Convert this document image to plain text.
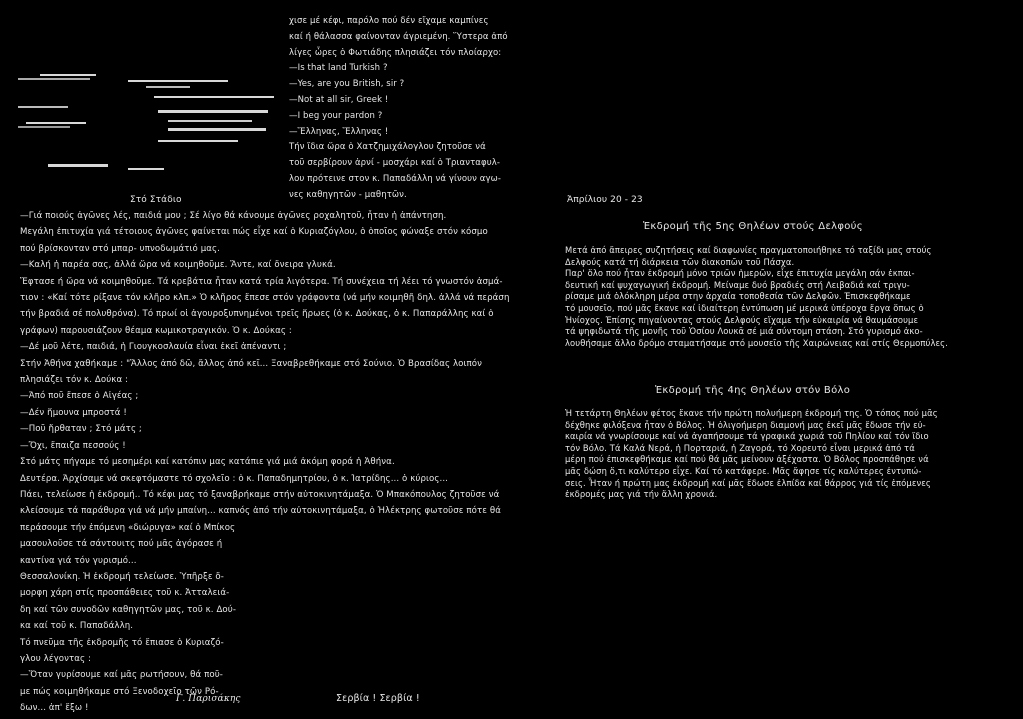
Στό Στάδιο

χισε μέ κέφι, παρόλο πού δέν εἴχαμε καμπίνες

καί ή θάλασσα φαίνονταν άγριεμένη. Ὕστερα ἀπό

λίγες ὧρες ὁ Φωτιάδης πλησιάζει τόν πλοίαρχο:

—Is that land Turkish ?

—Yes, are you British, sir ?

—Not at all sir, Greek !

—I beg your pardon ?

—Ἕλληνας, Ἕλληνας !

Τήν ἴδια ὥρα ὁ Χατζημιχάλογλου ζητοῦσε νά

τοῦ σερβίρουν ἀρνί - μοσχάρι καί ὁ Τριανταφυλ-

λου πρότεινε στον κ. Παπαδάλλη νά γίνουν αγω-

νες καθηγητῶν - μαθητῶν.

—Γιά ποιούς ἀγῶνες λές, παιδιά μου ; Σέ λίγο θά κάνουμε ἀγῶνες ροχαλητοῦ, ἦταν ἡ ἀπάντηση.

Μεγάλη ἐπιτυχία γιά τέτοιους ἀγῶνες φαίνεται πώς εἶχε καί ὁ Κυριαζόγλου, ὁ ὁποῖος φώναξε στόν κόσμο

πού βρίσκονταν στό μπαρ- υπνοδωμάτιό μας.

—Καλή ἡ παρέα σας, ἀλλά ὥρα νά κοιμηθοῦμε. Ἄντε, καί ὄνειρα γλυκά.

Ἔφτασε ή ὥρα νά κοιμηθοῦμε. Τά κρεβάτια ἦταν κατά τρία λιγότερα. Τή συνέχεια τή λέει τό γνωστόν ἀσμά-

τιον : «Καί τότε ρίξανε τόν κλῆρο κλπ.» Ὁ κλῆρος ἔπεσε στόν γράφοντα (νά μήν κοιμηθῆ δηλ. ἀλλά νά περάση

τήν βραδιά σέ πολυθρόνα). Τό πρωί οἱ ἀγουροξυπνημένοι τρεῖς ἥρωες (ὁ κ. Δούκας, ὁ κ. Παπαράλλης καί ὁ

γράφων) παρουσιάζουν θέαμα κωμικοτραγικόν. Ὁ κ. Δούκας :

—Δέ μοῦ λέτε, παιδιά, ἡ Γιουγκοσλαυία εἶναι ἐκεῖ ἀπέναντι ;

Στήν Ἀθήνα χαθήκαμε : "Ἄλλος ἀπό δῶ, ἄλλος ἀπό κεῖ... Ξαναβρεθήκαμε στό Σούνιο. Ὁ Βρασίδας λοιπόν

πλησιάζει τόν κ. Δούκα :

—Ἀπό ποῦ ἔπεσε ὁ Αἰγέας ;

—Δέν ἥμουνα μπροστά !

—Ποῦ ἤρθαταν ; Στό μάτς ;

—Ὄχι, ἔπαιζα πεσσούς !

Στό μάτς πήγαμε τό μεσημέρι καί κατόπιν μας κατάπιε γιά μιά ἀκόμη φορά ἡ Ἀθήνα.

Δευτέρα. Ἀρχίσαμε νά σκεφτόμαστε τό σχολεῖο : ὁ κ. Παπαδημητρίου, ὁ κ. Ἰατρίδης... ὁ κύριος...

Πάει, τελείωσε ἡ ἐκδρομή.. Τό κέφι μας τό ξαναβρήκαμε στήν αὐτοκινητάμαξα. Ὁ Μπακόπουλος ζητοῦσε νά

κλείσουμε τά παράθυρα γιά νά μήν μπαίνη... καπνός ἀπό τήν αὐτοκινητάμαξα, ὁ Ἠλέκτρης φωτοῦσε πότε θά

περάσουμε τήν ἑπόμενη «διώρυγα» καί ὁ Μπίκος

μασουλοῦσε τά σάντουιτς πού μᾶς ἀγόρασε ή

καντίνα γιά τόν γυρισμό...

Θεσσαλονίκη. Ἡ ἐκδρομή τελείωσε. Ὑπῆρξε ὄ-

μορφη χάρη στίς προσπάθειες τοῦ κ. Ἀτταλειά-

δη καί τῶν συνοδῶν καθηγητῶν μας, τοῦ κ. Δού-

κα καί τοῦ κ. Παπαδάλλη.

Τό πνεῦμα τῆς ἐκδρομῆς τό ἔπιασε ὁ Κυριαζό-

γλου λέγοντας :

—Ὅταν γυρίσουμε καί μᾶς ρωτήσουν, θά ποῦ-

με πώς κοιμηθήκαμε στό Ξενοδοχεῖο τῶν Ρό-

δων... ἀπ' ἔξω !

Γ. Παρισάκης	Σερβία ! Σερβία !
Ἀπρίλιου 20 - 23
Ἐκδρομή τῆς 5ης Θηλέων στούς Δελφούς

Μετά ἀπό ἄπειρες συζητήσεις καί διαφωνίες πραγματοποιήθηκε τό ταξίδι μας στούς

Δελφούς κατά τή διάρκεια τῶν διακοπῶν τοῦ Πάσχα.

Παρ' ὅλο πού ἦταν ἐκδρομή μόνο τριῶν ἡμερῶν, εἶχε ἐπιτυχία μεγάλη σάν ἐκπαι-

δευτική καί ψυχαγωγική ἐκδρομή. Μείναμε δυό βραδιές στή Λειβαδιά καί τριγυ-

ρίσαμε μιά ὁλόκληρη μέρα στην ἀρχαία τοποθεσία τῶν Δελφῶν. Ἐπισκεφθήκαμε

τό μουσεῖο, πού μᾶς ἔκανε καί ἰδιαίτερη ἐντύπωση μέ μερικά ὑπέροχα ἔργα ὅπως ὁ

Ἡνίοχος. Ἐπίσης πηγαίνοντας στούς Δελφούς εἴχαμε τήν εὐκαιρία νά θαυμάσουμε

τά ψηφιδωτά τῆς μονῆς τοῦ Ὁσίου Λουκᾶ σέ μιά σύντομη στάση. Στό γυρισμό ἀκο-

λουθήσαμε ἄλλο δρόμο σταματήσαμε στό μουσεῖο τῆς Χαιρώνειας καί στίς Θερμοπύλες.

Ἐκδρομή τῆς 4ης Θηλέων στόν Βόλο

Ἡ τετάρτη Θηλέων φέτος ἔκανε τήν πρώτη πολυήμερη ἐκδρομή της. Ὁ τόπος πού μᾶς

δέχθηκε φιλόξενα ἦταν ὁ Βόλος. Ἡ ὀλιγοήμερη διαμονή μας ἐκεῖ μᾶς ἔδωσε τήν εὐ-

καιρία νά γνωρίσουμε καί νά ἀγαπήσουμε τά γραφικά χωριά τοῦ Πηλίου καί τόν ἴδιο

τόν Βόλο. Τά Καλά Νερά, ἡ Πορταριά, ἡ Ζαγορά, τό Χορευτό εἶναι μερικά ἀπό τά

μέρη πού ἐπισκεφθήκαμε καί πού θά μᾶς μείνουν ἀξέχαστα. Ὁ Βόλος προσπάθησε νά

μᾶς δώση ὅ,τι καλύτερο εἶχε. Καί τό κατάφερε. Μᾶς ἄφησε τίς καλύτερες ἐντυπώ-

σεις. Ἦταν ή πρώτη μας ἐκδρομή καί μᾶς ἔδωσε ἐλπίδα καί θάρρος γιά τίς ἑπόμενες

ἐκδρομές μας γιά τήν ἄλλη χρονιά.
